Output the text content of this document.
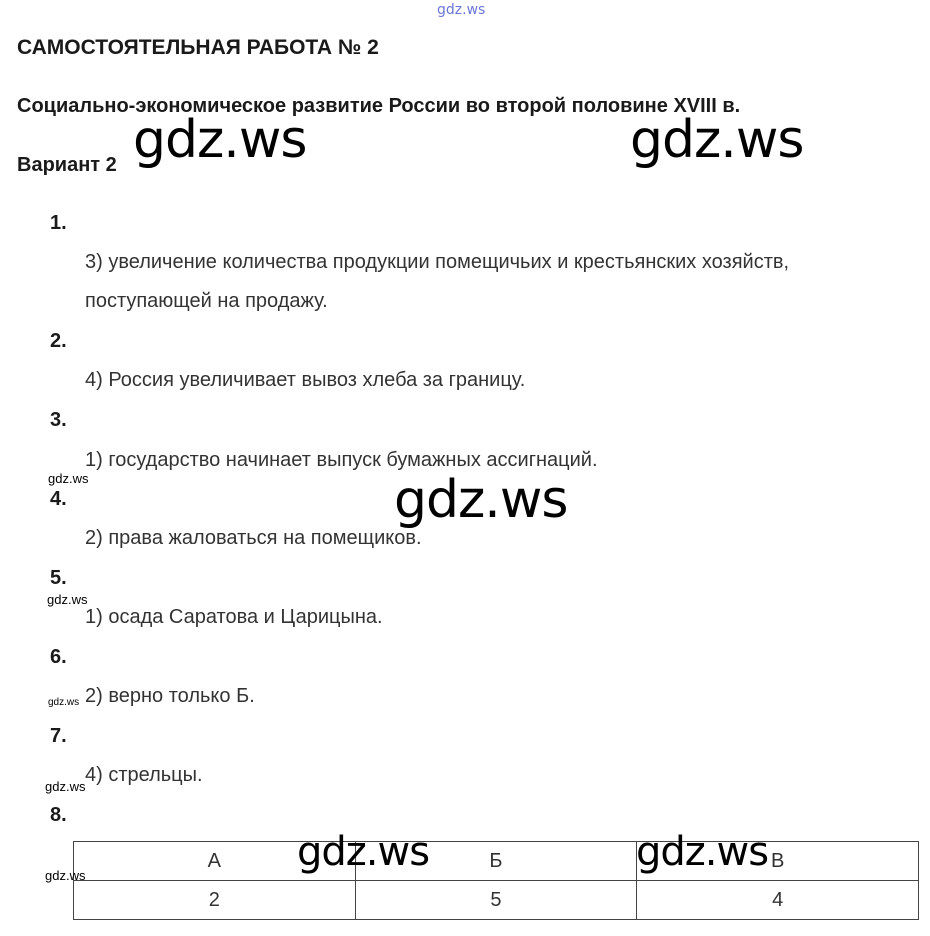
gdz.ws
САМОСТОЯТЕЛЬНАЯ РАБОТА № 2
Социально-экономическое развитие России во второй половине XVIII в.
Вариант 2
1.
3) увеличение количества продукции помещичьих и крестьянских хозяйств,
поступающей на продажу.
2.
4) Россия увеличивает вывоз хлеба за границу.
3.
1) государство начинает выпуск бумажных ассигнаций.
4.
2) права жаловаться на помещиков.
5.
1) осада Саратова и Царицына.
6.
2) верно только Б.
7.
4) стрельцы.
8.
А	Б	В
2	5	4
gdz.ws	gdz.ws
gdz.ws
gdz.ws	gdz.ws
gdz.ws
gdz.ws
gdz.ws
gdz.ws
gdz.ws
